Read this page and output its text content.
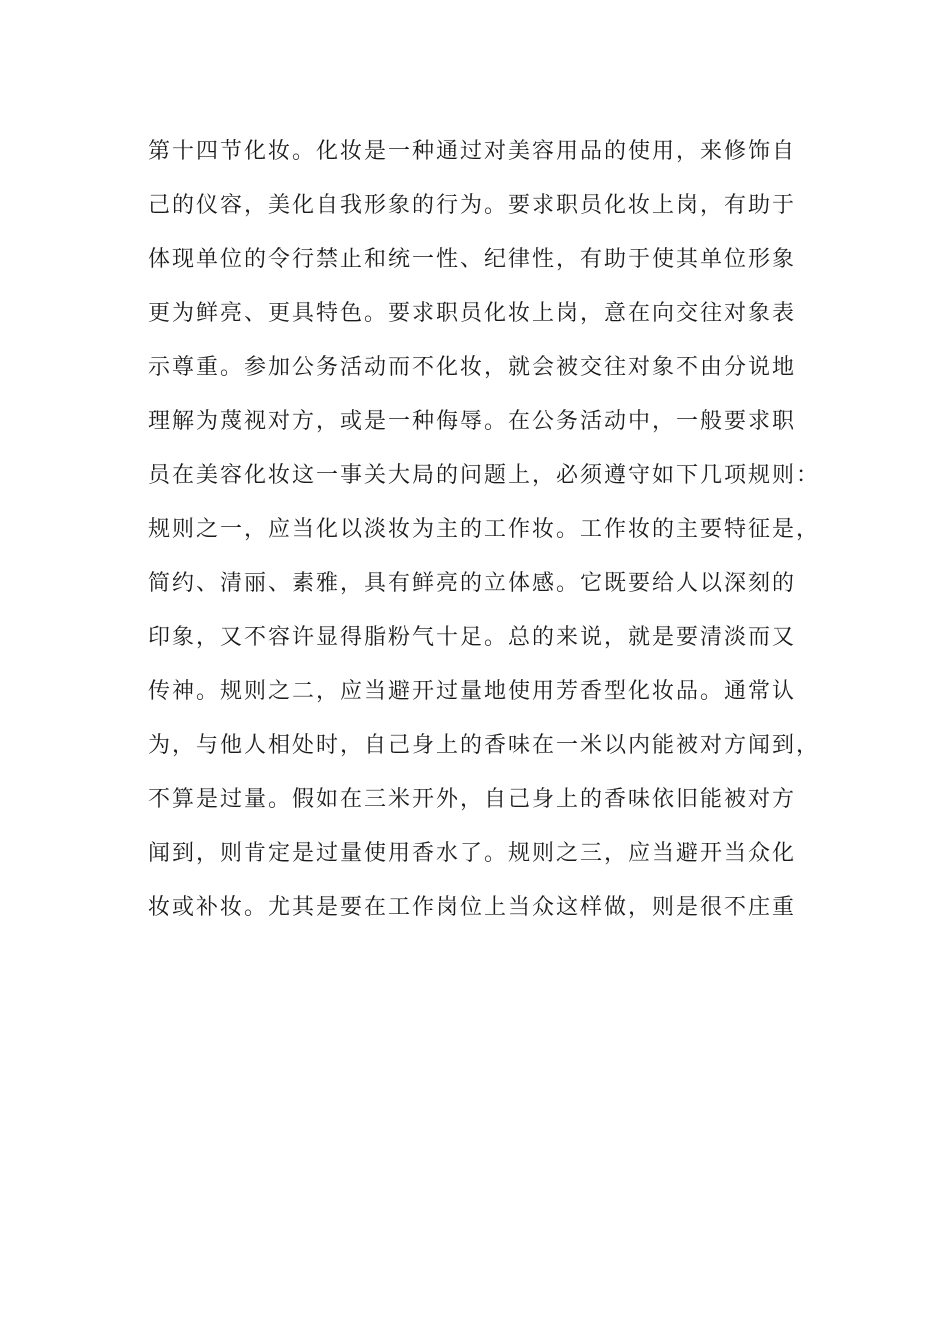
第十四节化妆。化妆是一种通过对美容用品的使用，来修饰自
己的仪容，美化自我形象的行为。要求职员化妆上岗，有助于
体现单位的令行禁止和统一性、纪律性，有助于使其单位形象
更为鲜亮、更具特色。要求职员化妆上岗，意在向交往对象表
示尊重。参加公务活动而不化妆，就会被交往对象不由分说地
理解为蔑视对方，或是一种侮辱。在公务活动中，一般要求职
员在美容化妆这一事关大局的问题上，必须遵守如下几项规则：
规则之一，应当化以淡妆为主的工作妆。工作妆的主要特征是，
简约、清丽、素雅，具有鲜亮的立体感。它既要给人以深刻的
印象，又不容许显得脂粉气十足。总的来说，就是要清淡而又
传神。规则之二，应当避开过量地使用芳香型化妆品。通常认
为，与他人相处时，自己身上的香味在一米以内能被对方闻到，
不算是过量。假如在三米开外，自己身上的香味依旧能被对方
闻到，则肯定是过量使用香水了。规则之三，应当避开当众化
妆或补妆。尤其是要在工作岗位上当众这样做，则是很不庄重
